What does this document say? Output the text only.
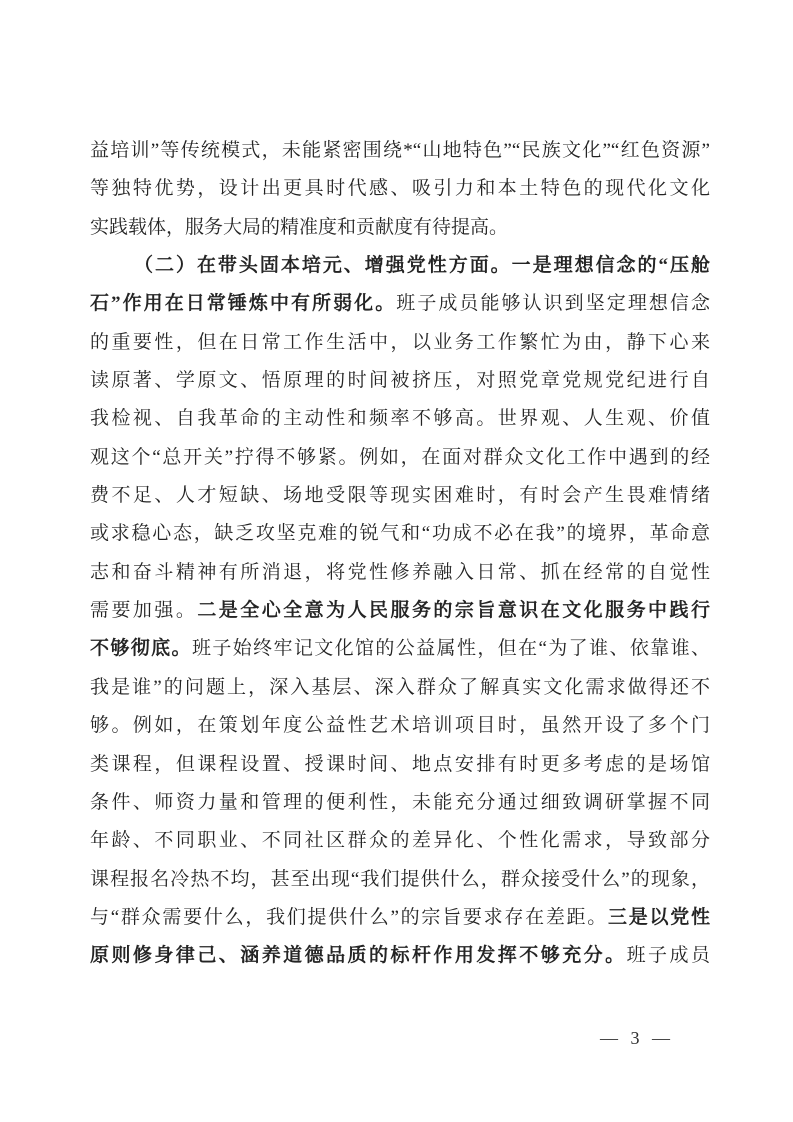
益培训”等传统模式，未能紧密围绕*“山地特色”“民族文化”“红色资源”
等独特优势，设计出更具时代感、吸引力和本土特色的现代化文化
实践载体，服务大局的精准度和贡献度有待提高。
（二）在带头固本培元、增强党性方面。一是理想信念的“压舱
石”作用在日常锤炼中有所弱化。班子成员能够认识到坚定理想信念
的重要性，但在日常工作生活中，以业务工作繁忙为由，静下心来
读原著、学原文、悟原理的时间被挤压，对照党章党规党纪进行自
我检视、自我革命的主动性和频率不够高。世界观、人生观、价值
观这个“总开关”拧得不够紧。例如，在面对群众文化工作中遇到的经
费不足、人才短缺、场地受限等现实困难时，有时会产生畏难情绪
或求稳心态，缺乏攻坚克难的锐气和“功成不必在我”的境界，革命意
志和奋斗精神有所消退，将党性修养融入日常、抓在经常的自觉性
需要加强。二是全心全意为人民服务的宗旨意识在文化服务中践行
不够彻底。班子始终牢记文化馆的公益属性，但在“为了谁、依靠谁、
我是谁”的问题上，深入基层、深入群众了解真实文化需求做得还不
够。例如，在策划年度公益性艺术培训项目时，虽然开设了多个门
类课程，但课程设置、授课时间、地点安排有时更多考虑的是场馆
条件、师资力量和管理的便利性，未能充分通过细致调研掌握不同
年龄、不同职业、不同社区群众的差异化、个性化需求，导致部分
课程报名冷热不均，甚至出现“我们提供什么，群众接受什么”的现象，
与“群众需要什么，我们提供什么”的宗旨要求存在差距。三是以党性
原则修身律己、涵养道德品质的标杆作用发挥不够充分。班子成员
— 3 —
